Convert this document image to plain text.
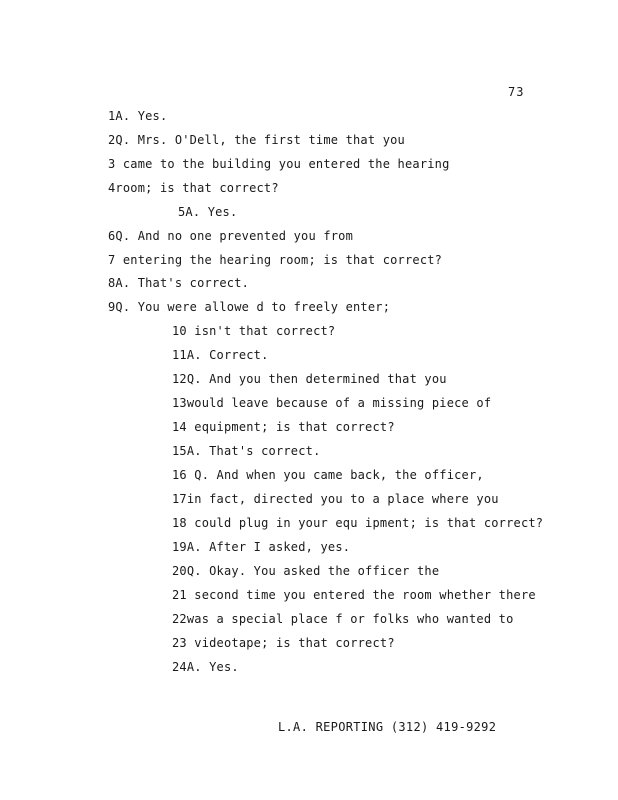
73
1A. Yes.
2Q. Mrs. O'Dell, the first time that you
3 came to the building you entered the hearing
4room; is that correct?
5A. Yes.
6Q. And no one prevented you from
7 entering the hearing room; is that correct?
8A. That's correct.
9Q. You were allowe d to freely enter;
10 isn't that correct?
11A. Correct.
12Q. And you then determined that you
13would leave because of a missing piece of
14 equipment; is that correct?
15A. That's correct.
16 Q. And when you came back, the officer,
17in fact, directed you to a place where you
18 could plug in your equ ipment; is that correct?
19A. After I asked, yes.
20Q. Okay. You asked the officer the
21 second time you entered the room whether there
22was a special place f or folks who wanted to
23 videotape; is that correct?
24A. Yes.
L.A. REPORTING (312) 419-9292
